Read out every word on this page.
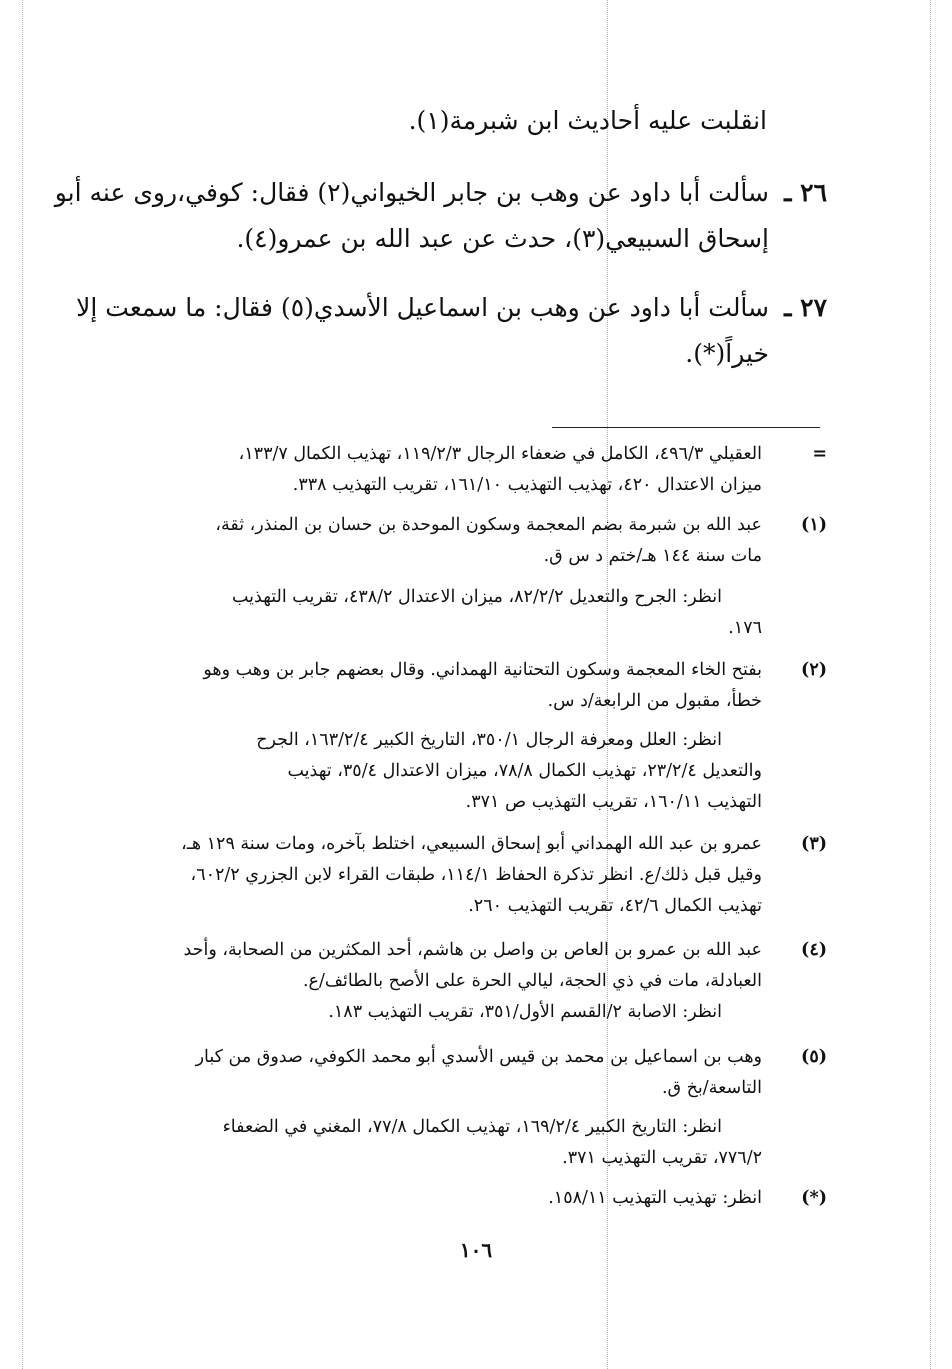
انقلبت عليه أحاديث ابن شبرمة(١).

٢٦ ـسألت أبا داود عن وهب بن جابر الخيواني(٢) فقال: كوفي،روى عنه أبو

إسحاق السبيعي(٣)، حدث عن عبد الله بن عمرو(٤).

٢٧ ـسألت أبا داود عن وهب بن اسماعيل الأسدي(٥) فقال: ما سمعت إلا

خيراً(*).

=

العقيلي ٤٩٦/٣، الكامل في ضعفاء الرجال ١١٩/٢/٣، تهذيب الكمال ١٣٣/٧،

ميزان الاعتدال ٤٢٠، تهذيب التهذيب ١٦١/١٠، تقريب التهذيب ٣٣٨.

(١)

عبد الله بن شبرمة بضم المعجمة وسكون الموحدة بن حسان بن المنذر، ثقة،

مات سنة ١٤٤ هـ/ختم د س ق.

انظر: الجرح والتعديل ٨٢/٢/٢، ميزان الاعتدال ٤٣٨/٢، تقريب التهذيب

١٧٦.

(٢)

بفتح الخاء المعجمة وسكون التحتانية الهمداني. وقال بعضهم جابر بن وهب وهو

خطأ، مقبول من الرابعة/د س.

انظر: العلل ومعرفة الرجال ٣٥٠/١، التاريخ الكبير ١٦٣/٢/٤، الجرح

والتعديل ٢٣/٢/٤، تهذيب الكمال ٧٨/٨، ميزان الاعتدال ٣٥/٤، تهذيب

التهذيب ١٦٠/١١، تقريب التهذيب ص ٣٧١.

(٣)

عمرو بن عبد الله الهمداني أبو إسحاق السبيعي، اختلط بآخره، ومات سنة ١٢٩ هـ،

وقيل قبل ذلك/ع. انظر تذكرة الحفاظ ١١٤/١، طبقات القراء لابن الجزري ٦٠٢/٢،

تهذيب الكمال ٤٢/٦، تقريب التهذيب ٢٦٠.

(٤)

عبد الله بن عمرو بن العاص بن واصل بن هاشم، أحد المكثرين من الصحابة، وأحد

العبادلة، مات في ذي الحجة، ليالي الحرة على الأصح بالطائف/ع.

انظر: الاصابة ٢/القسم الأول/٣٥١، تقريب التهذيب ١٨٣.

(٥)

وهب بن اسماعيل بن محمد بن قيس الأسدي أبو محمد الكوفي، صدوق من كبار

التاسعة/بخ ق.

انظر: التاريخ الكبير ١٦٩/٢/٤، تهذيب الكمال ٧٧/٨، المغني في الضعفاء

٧٧٦/٢، تقريب التهذيب ٣٧١.

(*)

انظر: تهذيب التهذيب ١٥٨/١١.

١٠٦
